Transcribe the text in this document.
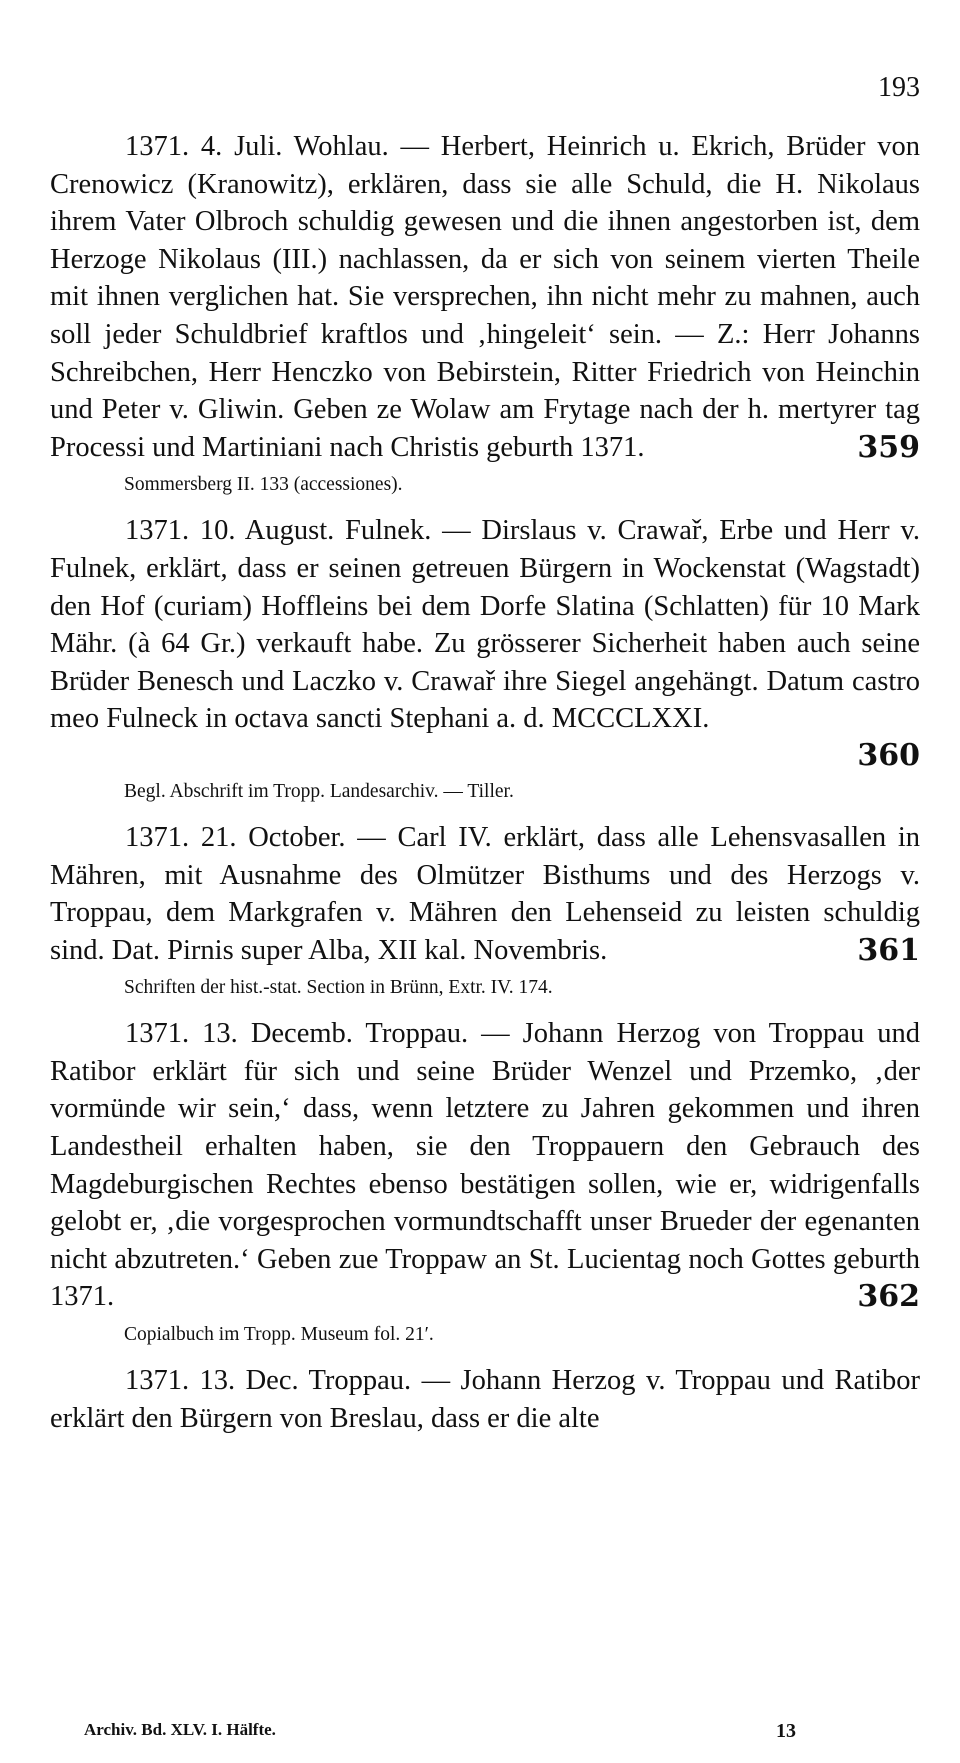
193

1371. 4. Juli. Wohlau. — Herbert, Heinrich u. Ekrich, Brüder von Crenowicz (Kranowitz), erklären, dass sie alle Schuld, die H. Nikolaus ihrem Vater Olbroch schuldig gewesen und die ihnen angestorben ist, dem Herzoge Nikolaus (III.) nachlassen, da er sich von seinem vierten Theile mit ihnen verglichen hat. Sie versprechen, ihn nicht mehr zu mahnen, auch soll jeder Schuldbrief kraftlos und ‚hingeleit‘ sein. — Z.: Herr Johanns Schreibchen, Herr Henczko von Bebirstein, Ritter Friedrich von Heinchin und Peter v. Gliwin. Geben ze Wolaw am Frytage nach der h. mertyrer tag Processi und Martiniani nach Christis geburth 1371.	359

Sommersberg II. 133 (accessiones).

1371. 10. August. Fulnek. — Dirslaus v. Crawař, Erbe und Herr v. Fulnek, erklärt, dass er seinen getreuen Bürgern in Wockenstat (Wagstadt) den Hof (curiam) Hoffleins bei dem Dorfe Slatina (Schlatten) für 10 Mark Mähr. (à 64 Gr.) verkauft habe. Zu grösserer Sicherheit haben auch seine Brüder Benesch und Laczko v. Crawař ihre Siegel angehängt. Datum castro meo Fulneck in octava sancti Stephani a. d. MCCCLXXI.

360
Begl. Abschrift im Tropp. Landesarchiv. — Tiller.

1371. 21. October. — Carl IV. erklärt, dass alle Lehensvasallen in Mähren, mit Ausnahme des Olmützer Bisthums und des Herzogs v. Troppau, dem Markgrafen v. Mähren den Lehenseid zu leisten schuldig sind. Dat. Pirnis super Alba, XII kal. Novembris.	361

Schriften der hist.-stat. Section in Brünn, Extr. IV. 174.

1371. 13. Decemb. Troppau. — Johann Herzog von Troppau und Ratibor erklärt für sich und seine Brüder Wenzel und Przemko, ‚der vormünde wir sein,‘ dass, wenn letztere zu Jahren gekommen und ihren Landestheil erhalten haben, sie den Troppauern den Gebrauch des Magdeburgischen Rechtes ebenso bestätigen sollen, wie er, widrigenfalls gelobt er, ‚die vorgesprochen vormundtschafft unser Brueder der egenanten nicht abzutreten.‘ Geben zue Troppaw an St. Lucientag noch Gottes geburth 1371.	362

Copialbuch im Tropp. Museum fol. 21′.

1371. 13. Dec. Troppau. — Johann Herzog v. Troppau und Ratibor erklärt den Bürgern von Breslau, dass er die alte

Archiv. Bd. XLV. I. Hälfte.	13
